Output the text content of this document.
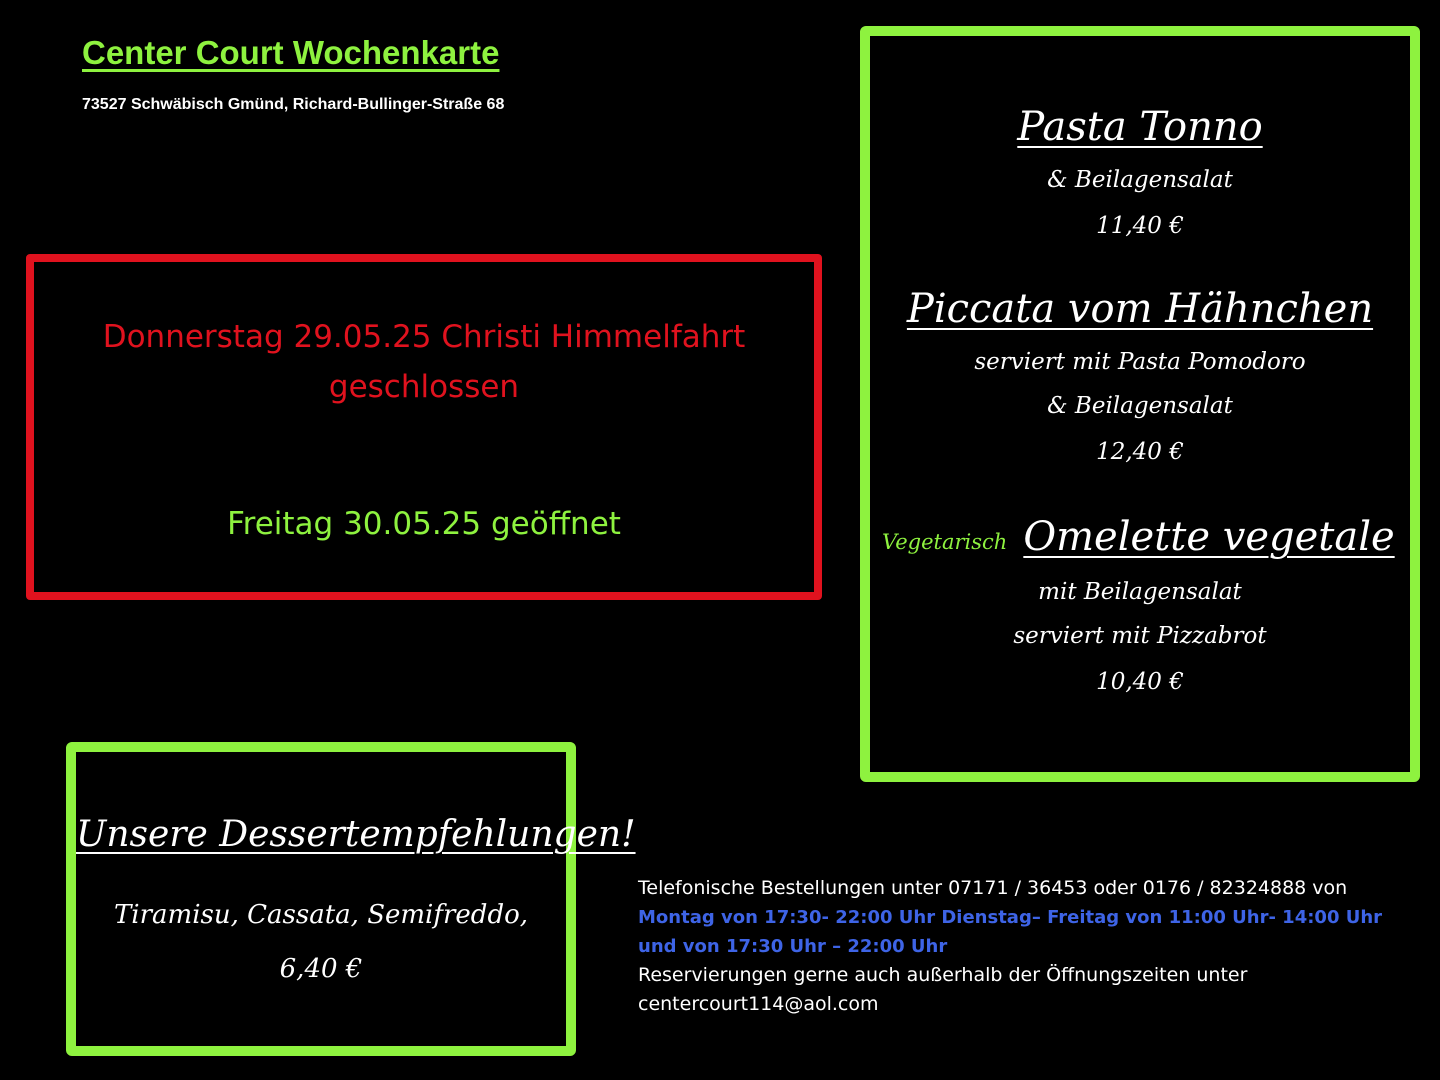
Center Court Wochenkarte
73527 Schwäbisch Gmünd, Richard-Bullinger-Straße 68
Donnerstag 29.05.25 Christi Himmelfahrt
geschlossen
Freitag 30.05.25 geöffnet
Pasta Tonno
& Beilagensalat
11,40 €
Piccata vom Hähnchen
serviert mit Pasta Pomodoro
& Beilagensalat
12,40 €
Vegetarisch Omelette vegetale
mit Beilagensalat
serviert mit Pizzabrot
10,40 €
Unsere Dessertempfehlungen!
Tiramisu, Cassata, Semifreddo,
6,40 €
Telefonische Bestellungen unter 07171 / 36453 oder 0176 / 82324888 von
Montag von 17:30- 22:00 Uhr Dienstag– Freitag von 11:00 Uhr- 14:00 Uhr
und von 17:30 Uhr – 22:00 Uhr
Reservierungen gerne auch außerhalb der Öffnungszeiten unter
centercourt114@aol.com
